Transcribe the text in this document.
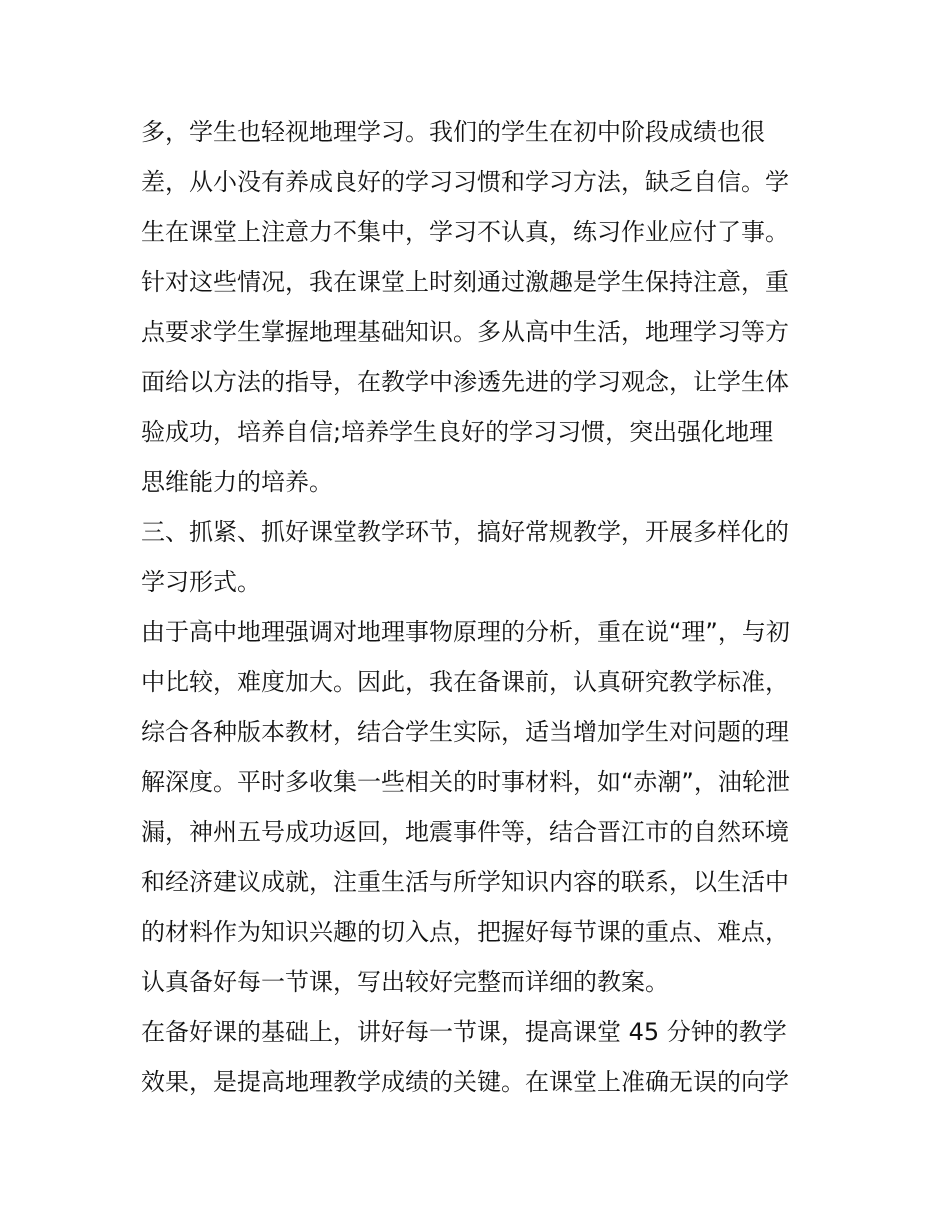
多，学生也轻视地理学习。我们的学生在初中阶段成绩也很
差，从小没有养成良好的学习习惯和学习方法，缺乏自信。学
生在课堂上注意力不集中，学习不认真，练习作业应付了事。
针对这些情况，我在课堂上时刻通过激趣是学生保持注意，重
点要求学生掌握地理基础知识。多从高中生活，地理学习等方
面给以方法的指导，在教学中渗透先进的学习观念，让学生体
验成功，培养自信;培养学生良好的学习习惯，突出强化地理
思维能力的培养。
三、抓紧、抓好课堂教学环节，搞好常规教学，开展多样化的
学习形式。
由于高中地理强调对地理事物原理的分析，重在说“理”，与初
中比较，难度加大。因此，我在备课前，认真研究教学标准，
综合各种版本教材，结合学生实际，适当增加学生对问题的理
解深度。平时多收集一些相关的时事材料，如“赤潮”，油轮泄
漏，神州五号成功返回，地震事件等，结合晋江市的自然环境
和经济建议成就，注重生活与所学知识内容的联系，以生活中
的材料作为知识兴趣的切入点，把握好每节课的重点、难点，
认真备好每一节课，写出较好完整而详细的教案。
在备好课的基础上，讲好每一节课，提高课堂 45 分钟的教学
效果，是提高地理教学成绩的关键。在课堂上准确无误的向学
